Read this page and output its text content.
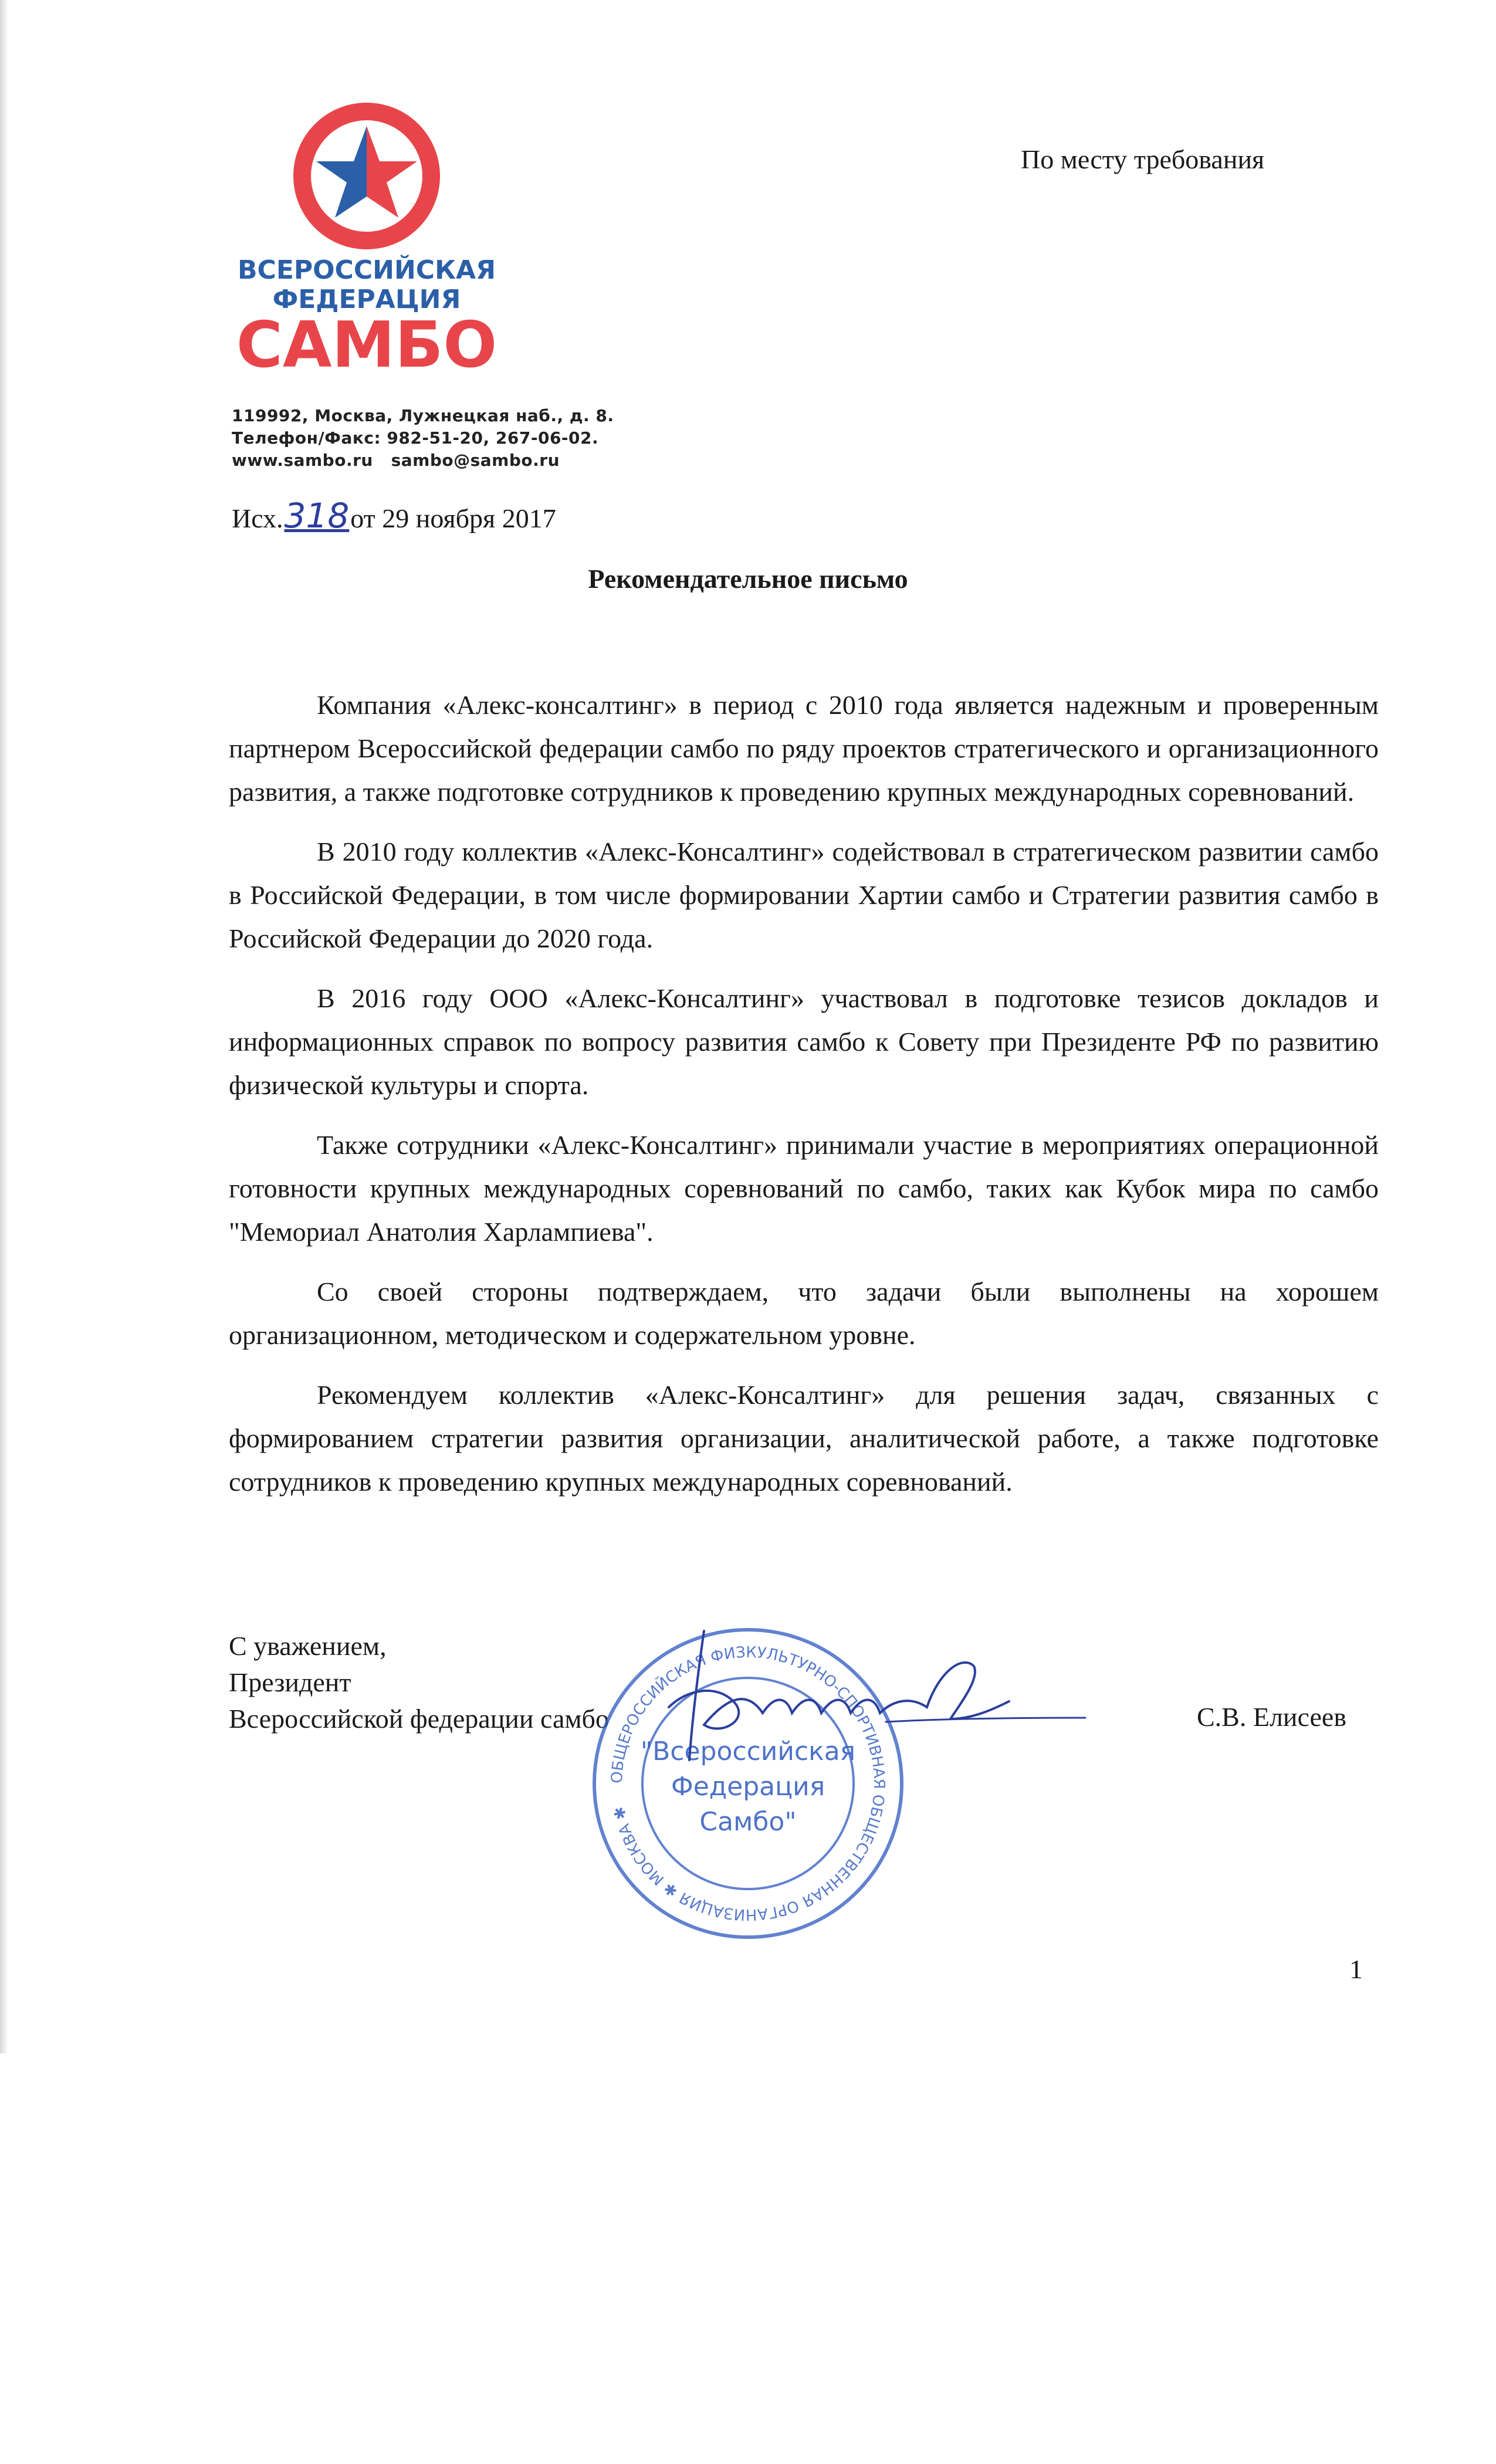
ВСЕРОССИЙСКАЯ
ФЕДЕРАЦИЯ
САМБО
119992, Москва, Лужнецкая наб., д. 8.
Телефон/Факс: 982-51-20, 267-06-02.
www.sambo.ru sambo@sambo.ru
По месту требования
Исх.318от 29 ноября 2017
Рекомендательное письмо

Компания «Алекс-консалтинг» в период с 2010 года является надежным и проверенным партнером Всероссийской федерации самбо по ряду проектов стратегического и организационного развития, а также подготовке сотрудников к проведению крупных международных соревнований.

В 2010 году коллектив «Алекс-Консалтинг» содействовал в стратегическом развитии самбо в Российской Федерации, в том числе формировании Хартии самбо и Стратегии развития самбо в Российской Федерации до 2020 года.

В 2016 году ООО «Алекс-Консалтинг» участвовал в подготовке тезисов докладов и информационных справок по вопросу развития самбо к Совету при Президенте РФ по развитию физической культуры и спорта.

Также сотрудники «Алекс-Консалтинг» принимали участие в мероприятиях операционной готовности крупных международных соревнований по самбо, таких как Кубок мира по самбо "Мемориал Анатолия Харлампиева".

Со своей стороны подтверждаем, что задачи были выполнены на хорошем организационном, методическом и содержательном уровне.

Рекомендуем коллектив «Алекс-Консалтинг» для решения задач, связанных с формированием стратегии развития организации, аналитической работе, а также подготовке сотрудников к проведению крупных международных соревнований.

С уважением,
Президент
Всероссийской федерации самбо
ОБЩЕРОССИЙСКАЯ ФИЗКУЛЬТУРНО-СПОРТИВНАЯ ОБЩЕСТВЕННАЯ ОРГАНИЗАЦИЯ ✱ МОСКВА ✱
"Всероссийская
Федерация
Самбо"
С.В. Елисеев
1
